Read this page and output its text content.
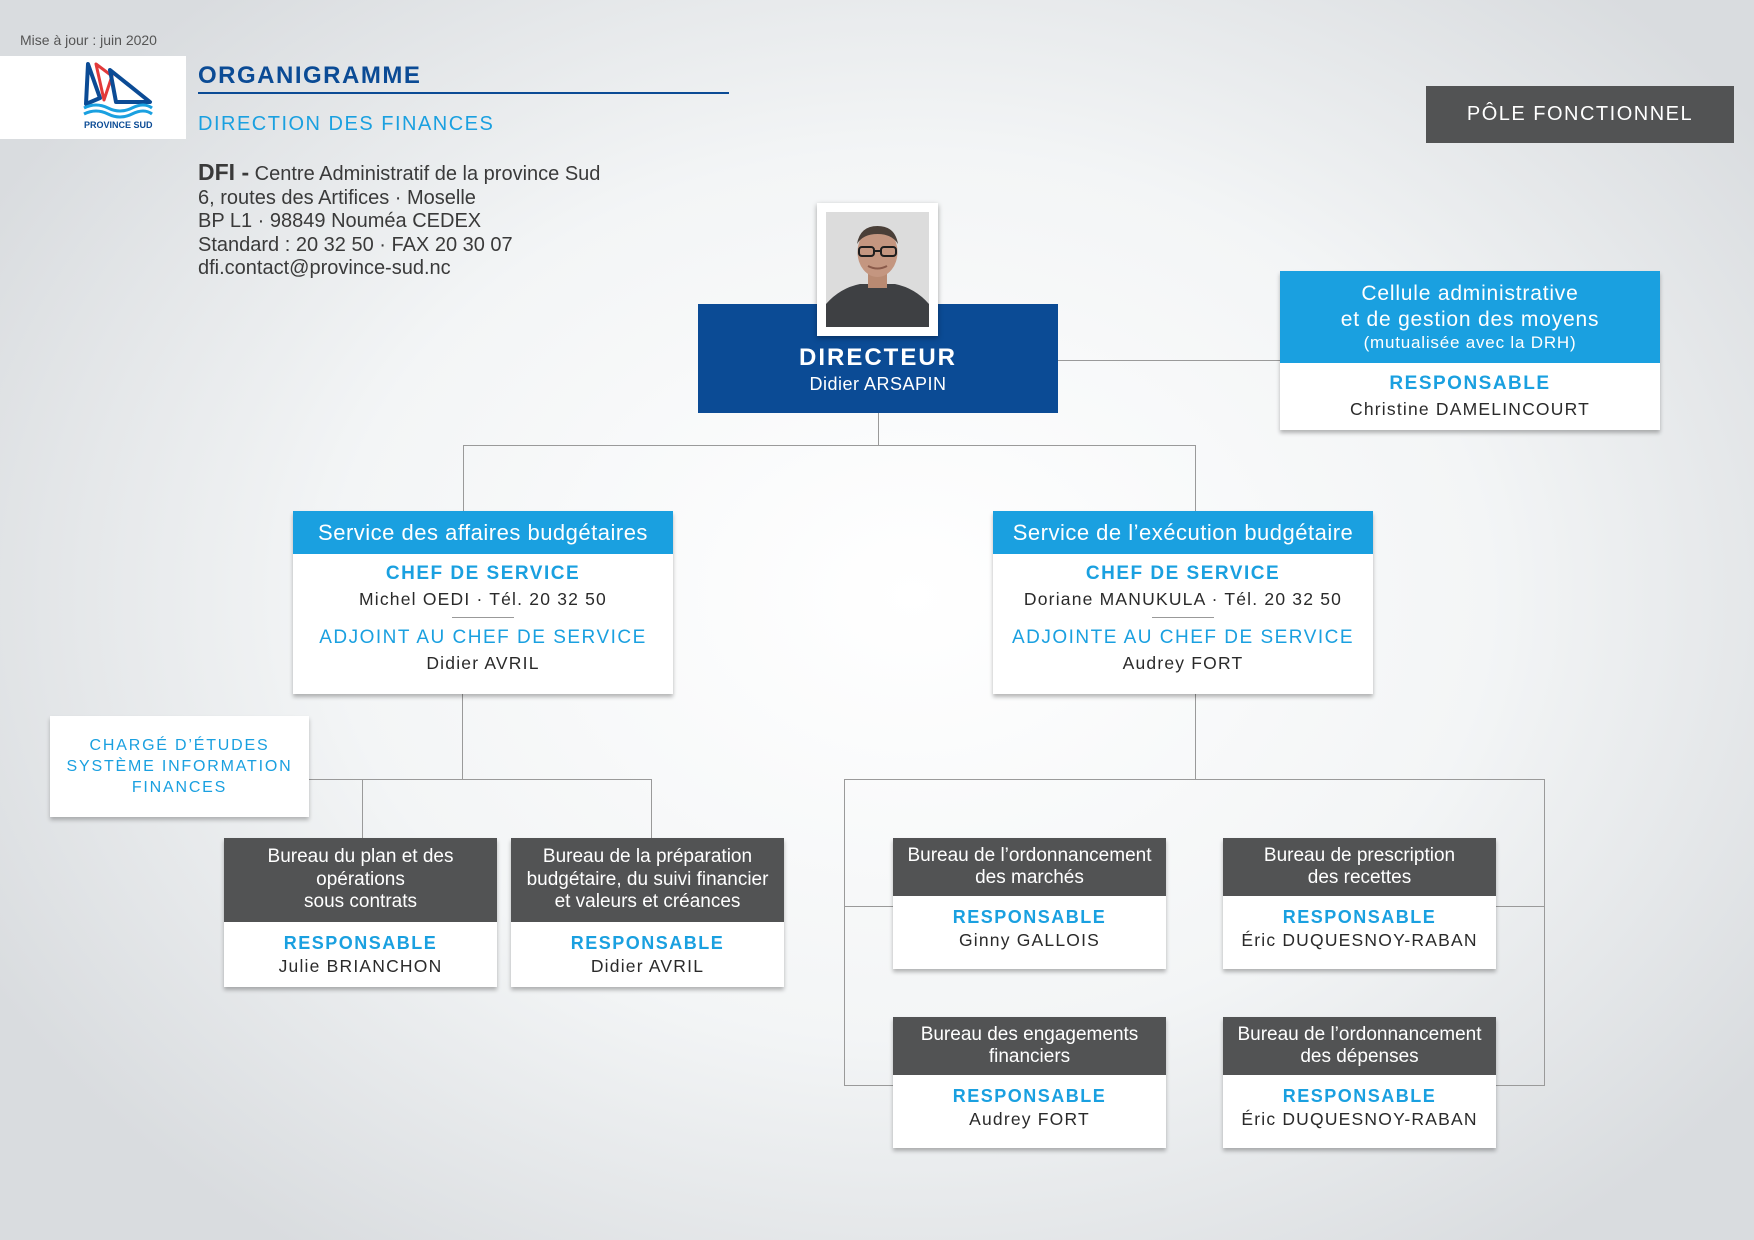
Mise à jour : juin 2020
PROVINCE SUD
ORGANIGRAMME
DIRECTION DES FINANCES
DFI - Centre Administratif de la province Sud
6, routes des Artifices · Moselle
BP L1 · 98849 Nouméa CEDEX
Standard : 20 32 50 · FAX 20 30 07
dfi.contact@province-sud.nc
PÔLE FONCTIONNEL
DIRECTEUR
Didier ARSAPIN
Cellule administrative
et de gestion des moyens
(mutualisée avec la DRH)
RESPONSABLE
Christine DAMELINCOURT
Service des affaires budgétaires
CHEF DE SERVICE
Michel OEDI · Tél. 20 32 50
ADJOINT AU CHEF DE SERVICE
Didier AVRIL
Service de l’exécution budgétaire
CHEF DE SERVICE
Doriane MANUKULA · Tél. 20 32 50
ADJOINTE AU CHEF DE SERVICE
Audrey FORT
CHARGÉ D’ÉTUDES
SYSTÈME INFORMATION
FINANCES
Bureau du plan et des
opérations
sous contrats
RESPONSABLE
Julie BRIANCHON
Bureau de la préparation
budgétaire, du suivi financier
et valeurs et créances
RESPONSABLE
Didier AVRIL
Bureau de l’ordonnancement
des marchés
RESPONSABLE
Ginny GALLOIS
Bureau de prescription
des recettes
RESPONSABLE
Éric DUQUESNOY-RABAN
Bureau des engagements
financiers
RESPONSABLE
Audrey FORT
Bureau de l’ordonnancement
des dépenses
RESPONSABLE
Éric DUQUESNOY-RABAN
